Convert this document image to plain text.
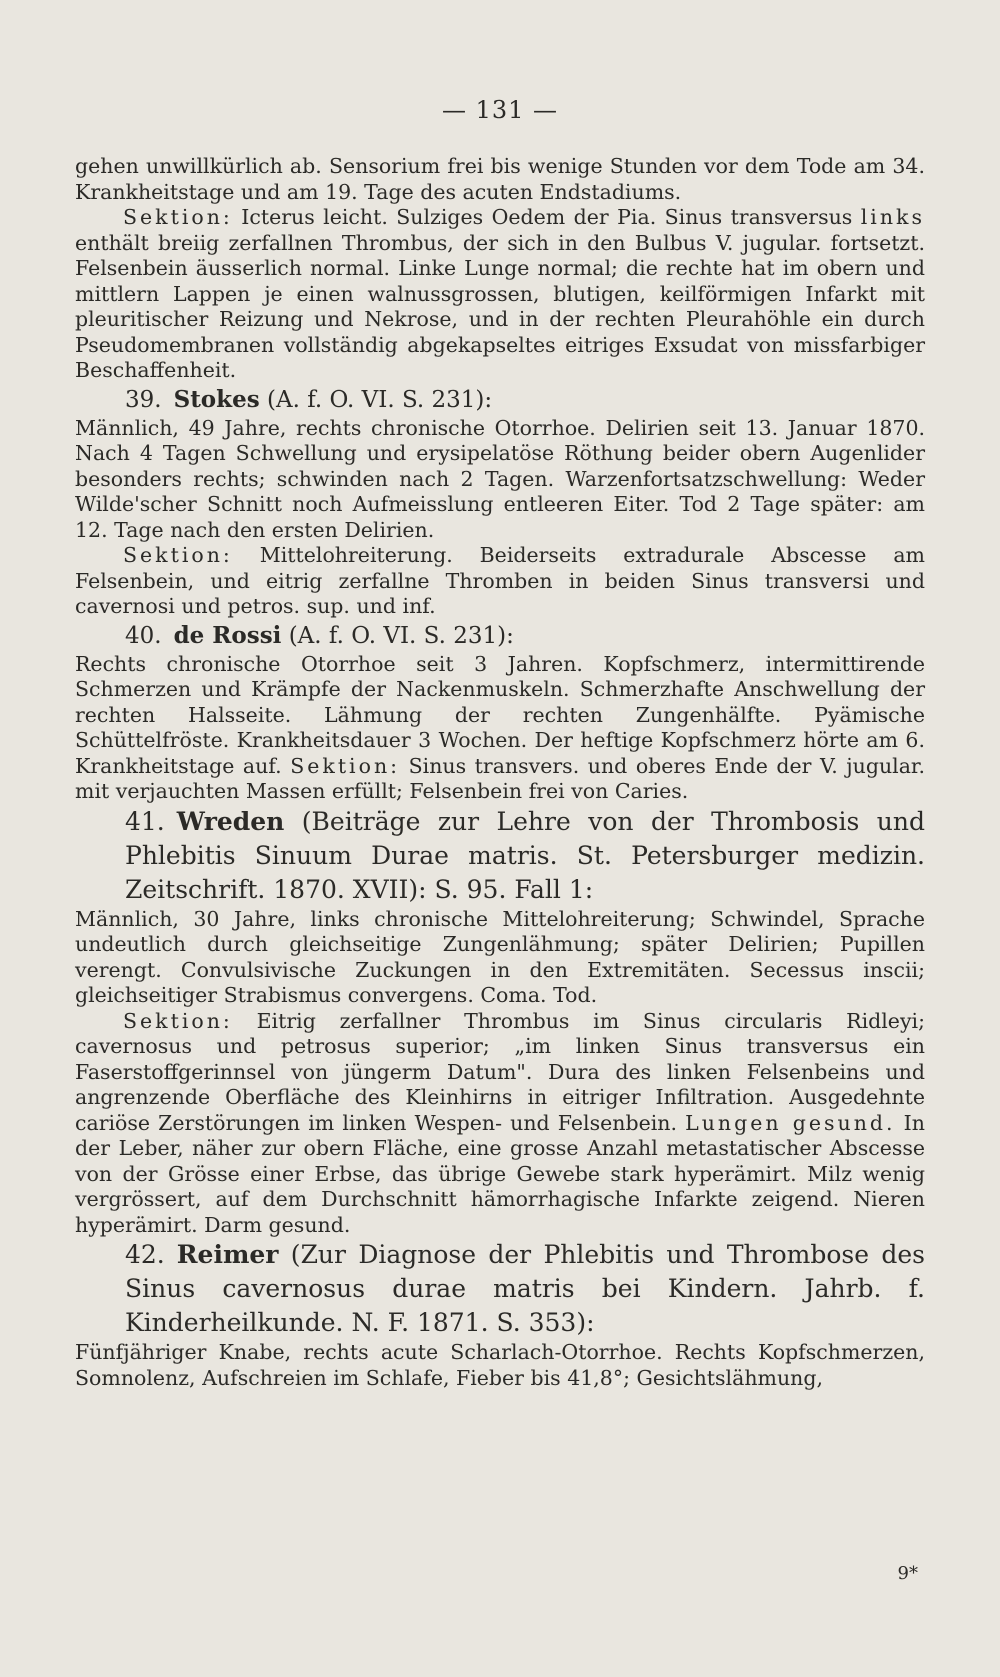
— 131 —

gehen unwillkürlich ab. Sensorium frei bis wenige Stunden vor dem Tode am 34. Krankheitstage und am 19. Tage des acuten Endstadiums.

Sektion: Icterus leicht. Sulziges Oedem der Pia. Sinus transversus links enthält breiig zerfallnen Thrombus, der sich in den Bulbus V. jugular. fortsetzt. Felsenbein äusserlich normal. Linke Lunge normal; die rechte hat im obern und mittlern Lappen je einen walnussgrossen, blutigen, keilförmigen Infarkt mit pleuritischer Reizung und Nekrose, und in der rechten Pleurahöhle ein durch Pseudomembranen vollständig abgekapseltes eitriges Exsudat von missfarbiger Beschaffenheit.

39. Stokes (A. f. O. VI. S. 231):

Männlich, 49 Jahre, rechts chronische Otorrhoe. Delirien seit 13. Januar 1870. Nach 4 Tagen Schwellung und erysipelatöse Röthung beider obern Augenlider besonders rechts; schwinden nach 2 Tagen. Warzenfortsatzschwellung: Weder Wilde'scher Schnitt noch Aufmeisslung entleeren Eiter. Tod 2 Tage später: am 12. Tage nach den ersten Delirien.

Sektion: Mittelohreiterung. Beiderseits extradurale Abscesse am Felsenbein, und eitrig zerfallne Thromben in beiden Sinus transversi und cavernosi und petros. sup. und inf.

40. de Rossi (A. f. O. VI. S. 231):

Rechts chronische Otorrhoe seit 3 Jahren. Kopfschmerz, intermittirende Schmerzen und Krämpfe der Nackenmuskeln. Schmerzhafte Anschwellung der rechten Halsseite. Lähmung der rechten Zungenhälfte. Pyämische Schüttelfröste. Krankheitsdauer 3 Wochen. Der heftige Kopfschmerz hörte am 6. Krankheitstage auf. Sektion: Sinus transvers. und oberes Ende der V. jugular. mit verjauchten Massen erfüllt; Felsenbein frei von Caries.

41. Wreden (Beiträge zur Lehre von der Thrombosis und Phlebitis Sinuum Durae matris. St. Petersburger medizin. Zeitschrift. 1870. XVII): S. 95. Fall 1:

Männlich, 30 Jahre, links chronische Mittelohreiterung; Schwindel, Sprache undeutlich durch gleichseitige Zungenlähmung; später Delirien; Pupillen verengt. Convulsivische Zuckungen in den Extremitäten. Secessus inscii; gleichseitiger Strabismus convergens. Coma. Tod.

Sektion: Eitrig zerfallner Thrombus im Sinus circularis Ridleyi; cavernosus und petrosus superior; „im linken Sinus transversus ein Faserstoffgerinnsel von jüngerm Datum". Dura des linken Felsenbeins und angrenzende Oberfläche des Kleinhirns in eitriger Infiltration. Ausgedehnte cariöse Zerstörungen im linken Wespen- und Felsenbein. Lungen gesund. In der Leber, näher zur obern Fläche, eine grosse Anzahl metastatischer Abscesse von der Grösse einer Erbse, das übrige Gewebe stark hyperämirt. Milz wenig vergrössert, auf dem Durchschnitt hämorrhagische Infarkte zeigend. Nieren hyperämirt. Darm gesund.

42. Reimer (Zur Diagnose der Phlebitis und Thrombose des Sinus cavernosus durae matris bei Kindern. Jahrb. f. Kinderheilkunde. N. F. 1871. S. 353):

Fünfjähriger Knabe, rechts acute Scharlach-Otorrhoe. Rechts Kopfschmerzen, Somnolenz, Aufschreien im Schlafe, Fieber bis 41,8°; Gesichtslähmung,

9*
